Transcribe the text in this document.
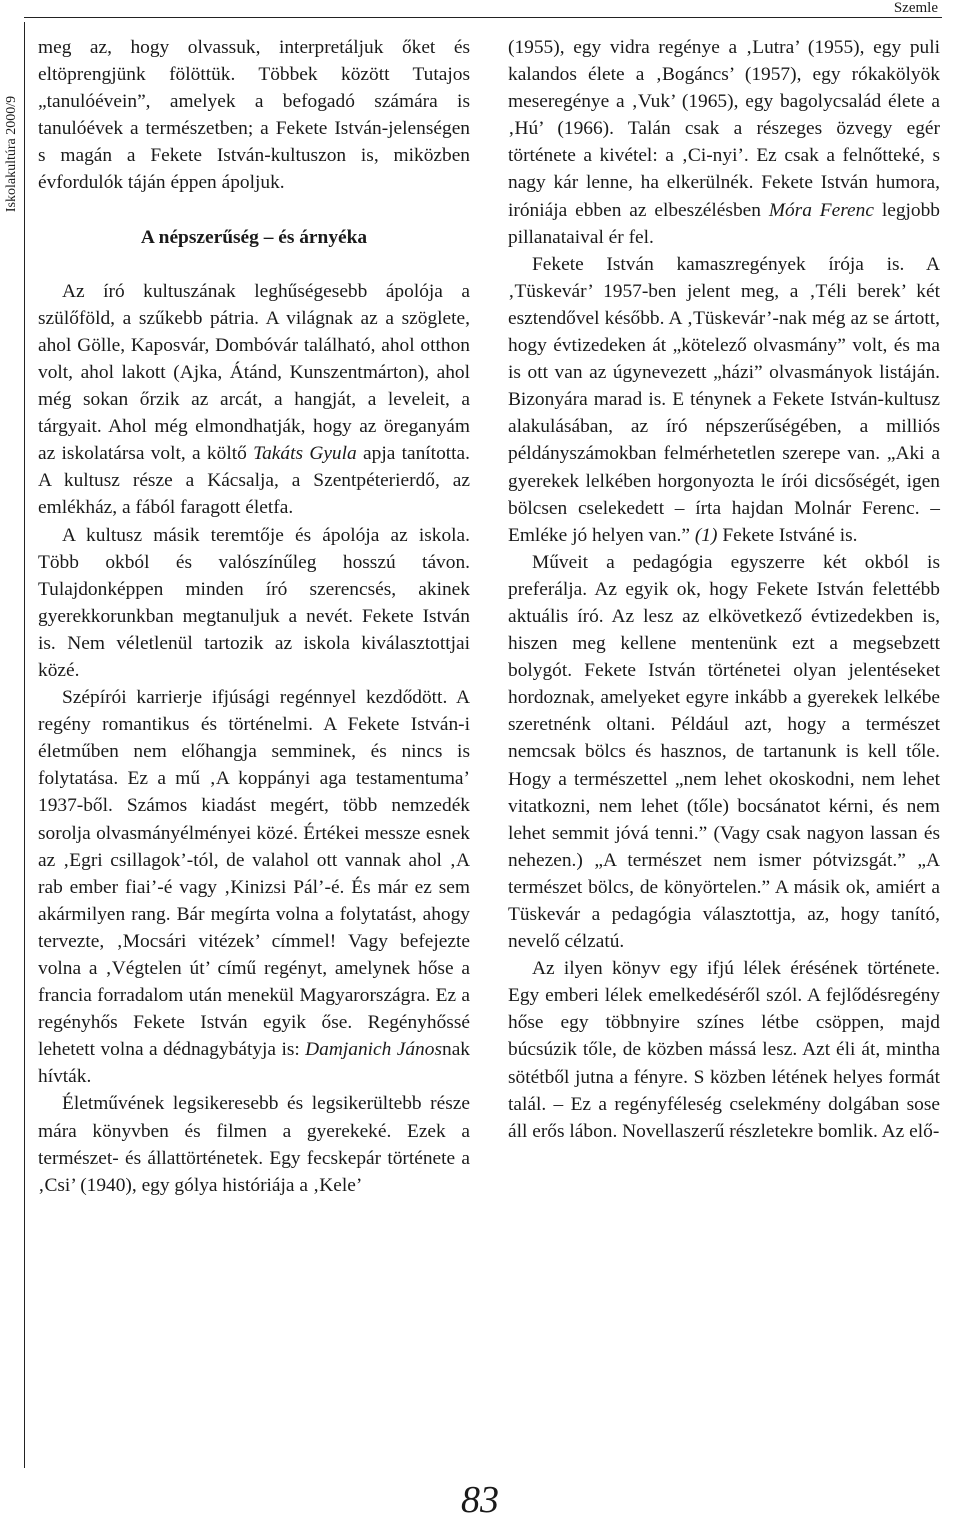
Iskolakultúra 2000/9
Szemle

meg az, hogy olvassuk, interpretáljuk őket és eltöprengjünk fölöttük. Többek között Tutajos „tanulóévein”, amelyek a befogadó számára is tanulóévek a természetben; a Fekete István-jelenségen s magán a Fekete István-kultuszon is, miközben évfordulók táján éppen ápoljuk.

A népszerűség – és árnyéka

Az író kultuszának leghűségesebb ápolója a szülőföld, a szűkebb pátria. A világnak az a szöglete, ahol Gölle, Kaposvár, Dombóvár található, ahol otthon volt, ahol lakott (Ajka, Átánd, Kunszentmárton), ahol még sokan őrzik az arcát, a hangját, a leveleit, a tárgyait. Ahol még elmondhatják, hogy az öreganyám az iskolatársa volt, a költő Takáts Gyula apja tanította. A kultusz része a Kácsalja, a Szentpéterierdő, az emlékház, a fából faragott életfa.

A kultusz másik teremtője és ápolója az iskola. Több okból és valószínűleg hosszú távon. Tulajdonképpen minden író szerencsés, akinek gyerekkorunkban megtanuljuk a nevét. Fekete István is. Nem véletlenül tartozik az iskola kiválasztottjai közé.

Szépírói karrierje ifjúsági regénnyel kezdődött. A regény romantikus és történelmi. A Fekete István-i életműben nem előhangja semminek, és nincs is folytatása. Ez a mű ‚A koppányi aga testamentuma’ 1937-ből. Számos kiadást megért, több nemzedék sorolja olvasmányélményei közé. Értékei messze esnek az ‚Egri csillagok’-tól, de valahol ott vannak ahol ‚A rab ember fiai’-é vagy ‚Kinizsi Pál’-é. És már ez sem akármilyen rang. Bár megírta volna a folytatást, ahogy tervezte, ‚Mocsári vitézek’ címmel! Vagy befejezte volna a ‚Végtelen út’ című regényt, amelynek hőse a francia forradalom után menekül Magyarországra. Ez a regényhős Fekete István egyik őse. Regényhőssé lehetett volna a dédnagybátyja is: Damjanich Jánosnak hívták.

Életművének legsikeresebb és legsikerültebb része mára könyvben és filmen a gyerekeké. Ezek a természet- és állattörténetek. Egy fecskepár története a ‚Csi’ (1940), egy gólya históriája a ‚Kele’

(1955), egy vidra regénye a ‚Lutra’ (1955), egy puli kalandos élete a ‚Bogáncs’ (1957), egy rókakölyök meseregénye a ‚Vuk’ (1965), egy bagolycsalád élete a ‚Hú’ (1966). Talán csak a részeges özvegy egér története a kivétel: a ‚Ci-nyi’. Ez csak a felnőtteké, s nagy kár lenne, ha elkerülnék. Fekete István humora, iróniája ebben az elbeszélésben Móra Ferenc legjobb pillanataival ér fel.

Fekete István kamaszregények írója is. A ‚Tüskevár’ 1957-ben jelent meg, a ‚Téli berek’ két esztendővel később. A ‚Tüskevár’-nak még az se ártott, hogy évtizedeken át „kötelező olvasmány” volt, és ma is ott van az úgynevezett „házi” olvasmányok listáján. Bizonyára marad is. E ténynek a Fekete István-kultusz alakulásában, az író népszerűségében, a milliós példányszámokban felmérhetetlen szerepe van. „Aki a gyerekek lelkében horgonyozta le írói dicsőségét, igen bölcsen cselekedett – írta hajdan Molnár Ferenc. – Emléke jó helyen van.” (1) Fekete Istváné is.

Műveit a pedagógia egyszerre két okból is preferálja. Az egyik ok, hogy Fekete István felettébb aktuális író. Az lesz az elkövetkező évtizedekben is, hiszen meg kellene mentenünk ezt a megsebzett bolygót. Fekete István történetei olyan jelentéseket hordoznak, amelyeket egyre inkább a gyerekek lelkébe szeretnénk oltani. Például azt, hogy a természet nemcsak bölcs és hasznos, de tartanunk is kell tőle. Hogy a természettel „nem lehet okoskodni, nem lehet vitatkozni, nem lehet (tőle) bocsánatot kérni, és nem lehet semmit jóvá tenni.” (Vagy csak nagyon lassan és nehezen.) „A természet nem ismer pótvizsgát.” „A természet bölcs, de könyörtelen.” A másik ok, amiért a Tüskevár a pedagógia választottja, az, hogy tanító, nevelő célzatú.

Az ilyen könyv egy ifjú lélek érésének története. Egy emberi lélek emelkedéséről szól. A fejlődésregény hőse egy többnyire színes létbe csöppen, majd búcsúzik tőle, de közben mássá lesz. Azt éli át, mintha sötétből jutna a fényre. S közben létének helyes formát talál. – Ez a regényféleség cselekmény dolgában sose áll erős lábon. Novellaszerű részletekre bomlik. Az elő-

83
